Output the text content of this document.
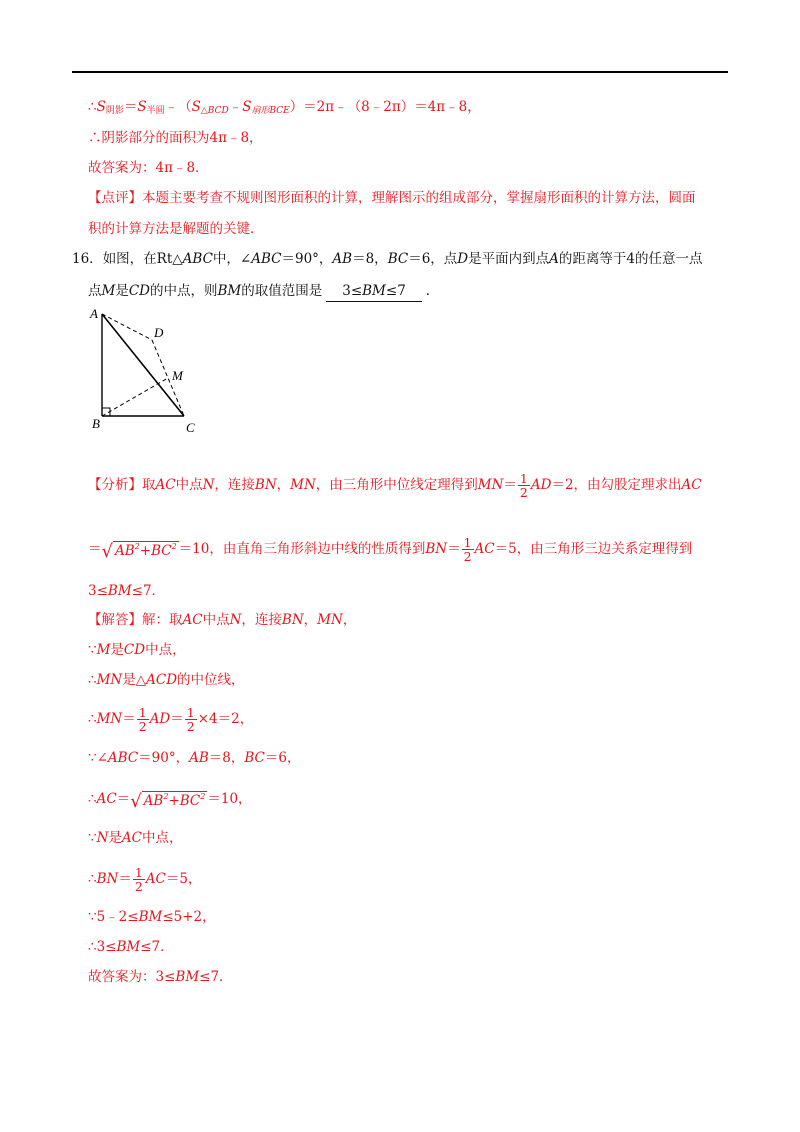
$\therefore S_{阴影}=S_{半圆}﹣(S_{\triangle BCD}﹣S_{扇形BCE})=2\pi﹣(8﹣2\pi)=4\pi﹣8$，
∴阴影部分的面积为4π﹣8，
故答案为：4π﹣8．
【点评】本题主要考查不规则图形面积的计算，理解图示的组成部分，掌握扇形面积的计算方法，圆面
积的计算方法是解题的关键．
16．如图，在Rt△ABC中，∠ABC＝90°，AB＝8，BC＝6，点D是平面内到点A的距离等于4的任意一点
点M是CD的中点，则BM的取值范围是 3≤BM≤7 ．
A
B	C
D
M
【分析】取AC中点N，连接BN，MN，由三角形中位线定理得到$MN= \frac{1}{2} AD=2$，由勾股定理求出AC
＝√ $AB^2+BC^2 =10$，由直角三角形斜边中线的性质得到$BN= \frac{1}{2} AC=5$，由三角形三边关系定理得到
3≤BM≤7．
【解答】解：取AC中点N，连接BN，MN，
∵M是CD中点，
∴MN是△ACD的中位线，
∴MN＝ $\frac{1}{2} AD= \frac{1}{2} \times 4=2$，
∵∠ABC＝90°，AB＝8，BC＝6，
∴AC＝√ $AB^2+BC^2 =10$，
∵N是AC中点，
∴BN＝ $\frac{1}{2} AC=5$，
∵5﹣2≤BM≤5+2，
∴3≤BM≤7．
故答案为：3≤BM≤7．
